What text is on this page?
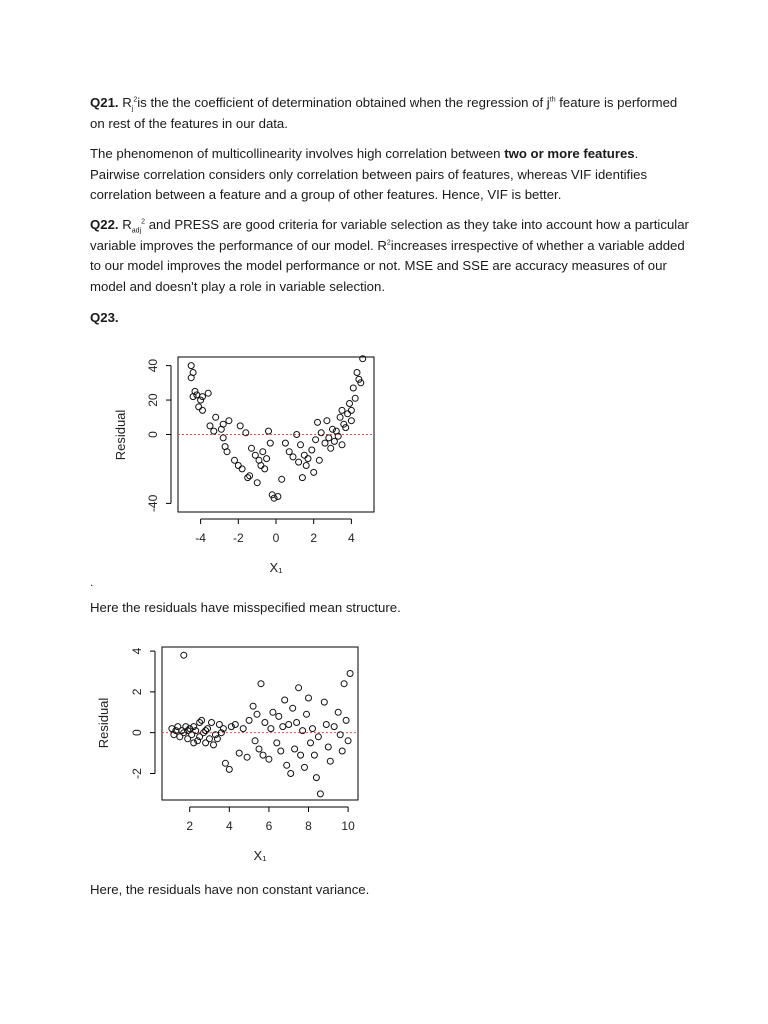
Q21. $R_j^2is$ the the coefficient of determination obtained when the regression of $j^{th}$ feature is performed on rest of the features in our data.
The phenomenon of multicollinearity involves high correlation between two or more features. Pairwise correlation considers only correlation between pairs of features, whereas VIF identifies correlation between a feature and a group of other features. Hence, VIF is better.
Q22. $R_{adj}^2$ and PRESS are good criteria for variable selection as they take into account how a particular variable improves the performance of our model. $R^2increases$ irrespective of whether a variable added to our model improves the model performance or not. MSE and SSE are accuracy measures of our model and doesn't play a role in variable selection.
Q23.
-4 -2 0	2	4
-40
0
20
40
X₁
Residual
.
Here the residuals have misspecified mean structure.
2	4	6	8 10
-2
0
2
4
X₁
Residual
Here, the residuals have non constant variance.
